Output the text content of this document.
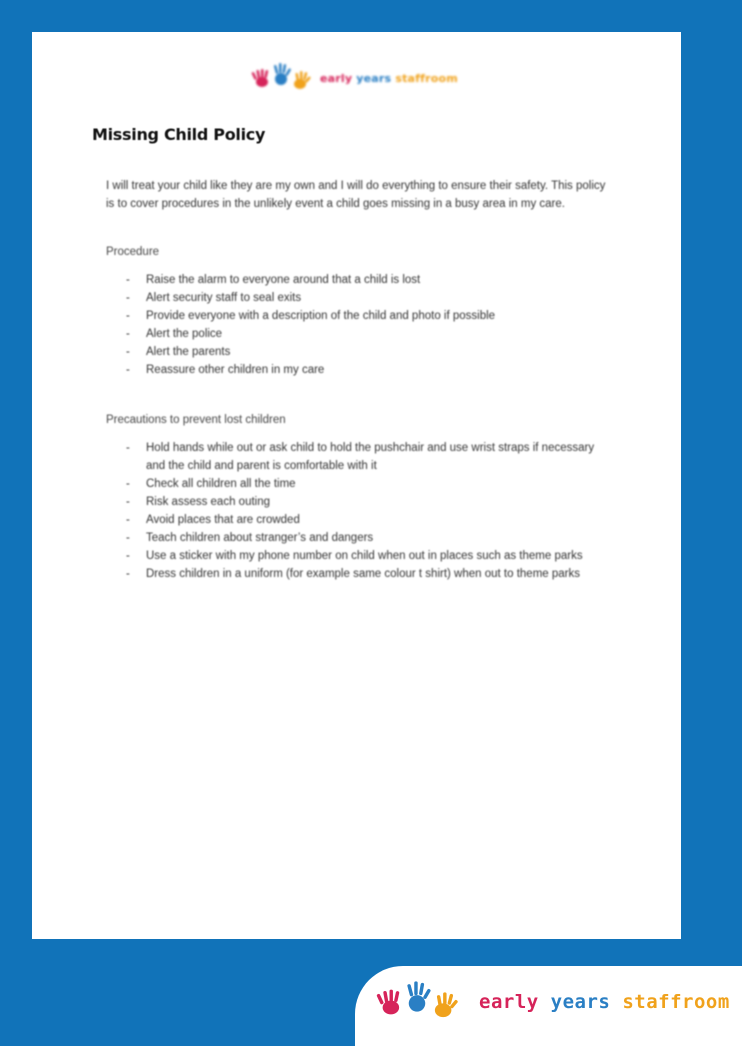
early years staffroom
Missing Child Policy

I will treat your child like they are my own and I will do everything to ensure their safety. This policy is to cover procedures in the unlikely event a child goes missing in a busy area in my care.

Procedure
- Raise the alarm to everyone around that a child is lost
- Alert security staff to seal exits
- Provide everyone with a description of the child and photo if possible
- Alert the police
- Alert the parents
- Reassure other children in my care
Precautions to prevent lost children
- Hold hands while out or ask child to hold the pushchair and use wrist straps if necessary and the child and parent is comfortable with it
- Check all children all the time
- Risk assess each outing
- Avoid places that are crowded
- Teach children about stranger’s and dangers
- Use a sticker with my phone number on child when out in places such as theme parks
- Dress children in a uniform (for example same colour t shirt) when out to theme parks
early years staffroom
